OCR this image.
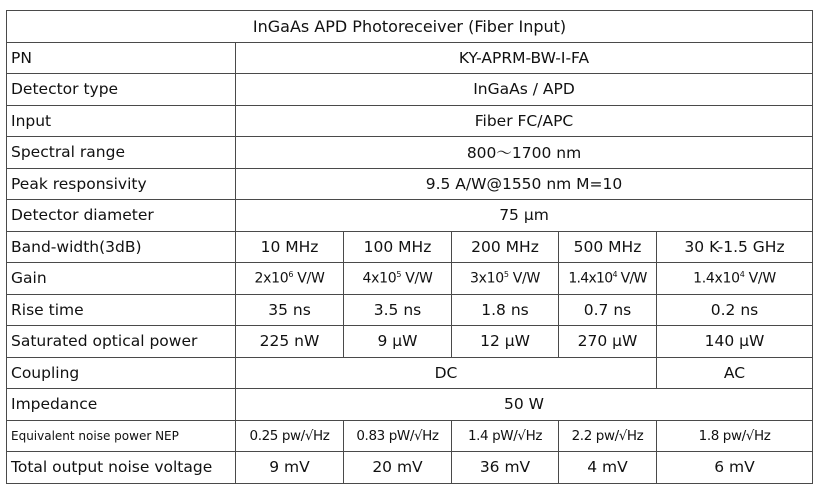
InGaAs APD Photoreceiver (Fiber Input)					
PN	KY-APRM-BW-I-FA				
Detector type	InGaAs / APD				
Input	Fiber FC/APC				
Spectral range	800〜1700 nm				
Peak responsivity	9.5 A/W@1550 nm M=10				
Detector diameter	75 μm				
Band-width(3dB)	10 MHz	100 MHz	200 MHz	500 MHz	30 K-1.5 GHz
Gain	$2x10^6$ V/W	$4x10^5$ V/W	$3x10^5$ V/W	$1.4x10^4$ V/W	$1.4x10^4$ V/W
Rise time	35 ns	3.5 ns	1.8 ns	0.7 ns	0.2 ns
Saturated optical power	225 nW	9 μW	12 μW	270 μW	140 μW
Coupling	DC				AC
Impedance	50 W				
Equivalent noise power NEP	0.25 pw/√Hz	0.83 pW/√Hz	1.4 pW/√Hz	2.2 pw/√Hz	1.8 pw/√Hz
Total output noise voltage	9 mV	20 mV	36 mV	4 mV	6 mV
